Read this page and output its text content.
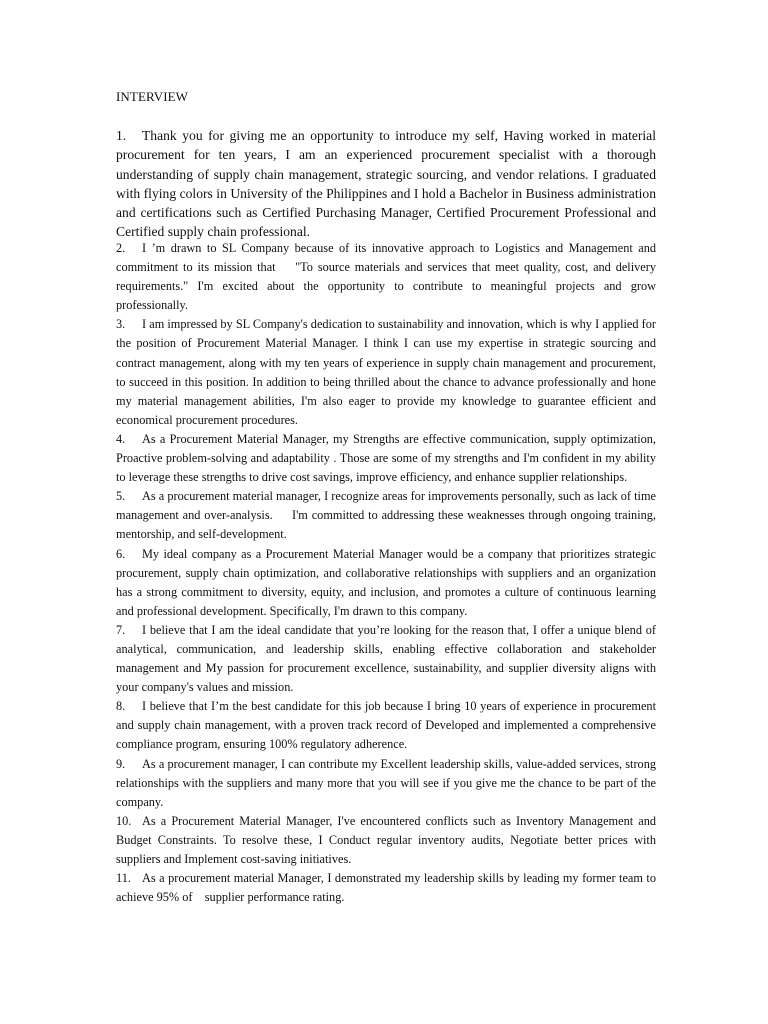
INTERVIEW

1. Thank you for giving me an opportunity to introduce my self, Having worked in material procurement for ten years, I am an experienced procurement specialist with a thorough understanding of supply chain management, strategic sourcing, and vendor relations. I graduated with flying colors in University of the Philippines and I hold a Bachelor in Business administration and certifications such as Certified Purchasing Manager, Certified Procurement Professional and Certified supply chain professional.

2. I ’m drawn to SL Company because of its innovative approach to Logistics and Management and commitment to its mission that    "To source materials and services that meet quality, cost, and delivery requirements." I'm excited about the opportunity to contribute to meaningful projects and grow professionally.

3. I am impressed by SL Company's dedication to sustainability and innovation, which is why I applied for the position of Procurement Material Manager. I think I can use my expertise in strategic sourcing and contract management, along with my ten years of experience in supply chain management and procurement, to succeed in this position. In addition to being thrilled about the chance to advance professionally and hone my material management abilities, I'm also eager to provide my knowledge to guarantee efficient and economical procurement procedures.

4. As a Procurement Material Manager, my Strengths are effective communication, supply optimization, Proactive problem-solving and adaptability . Those are some of my strengths and I'm confident in my ability to leverage these strengths to drive cost savings, improve efficiency, and enhance supplier relationships.

5. As a procurement material manager, I recognize areas for improvements personally, such as lack of time management and over-analysis.     I'm committed to addressing these weaknesses through ongoing training, mentorship, and self-development.

6. My ideal company as a Procurement Material Manager would be a company that prioritizes strategic procurement, supply chain optimization, and collaborative relationships with suppliers and an organization has a strong commitment to diversity, equity, and inclusion, and promotes a culture of continuous learning and professional development. Specifically, I'm drawn to this company.

7. I believe that I am the ideal candidate that you’re looking for the reason that, I offer a unique blend of analytical, communication, and leadership skills, enabling effective collaboration and stakeholder management and My passion for procurement excellence, sustainability, and supplier diversity aligns with your company's values and mission.

8. I believe that I’m the best candidate for this job because I bring 10 years of experience in procurement and supply chain management, with a proven track record of Developed and implemented a comprehensive compliance program, ensuring 100% regulatory adherence.

9. As a procurement manager, I can contribute my Excellent leadership skills, value-added services, strong relationships with the suppliers and many more that you will see if you give me the chance to be part of the company.

10. As a Procurement Material Manager, I've encountered conflicts such as Inventory Management and Budget Constraints. To resolve these, I Conduct regular inventory audits, Negotiate better prices with suppliers and Implement cost-saving initiatives.

11. As a procurement material Manager, I demonstrated my leadership skills by leading my former team to achieve 95% of    supplier performance rating.
